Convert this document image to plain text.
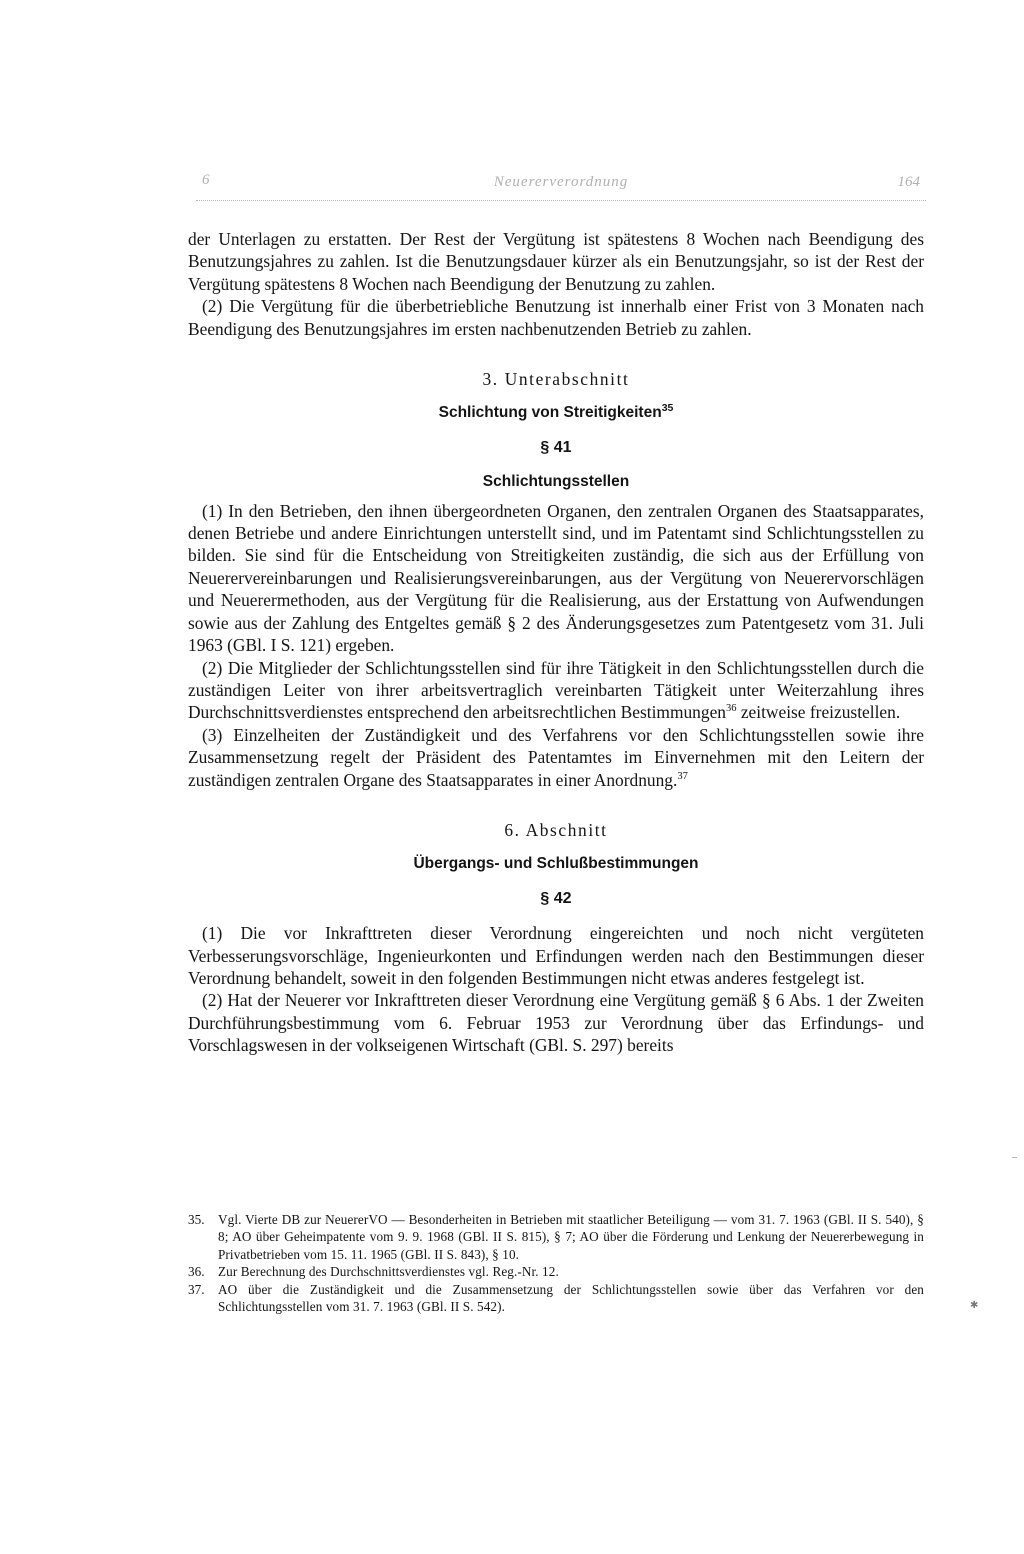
6	Neuererverordnung	164

der Unterlagen zu erstatten. Der Rest der Vergütung ist spätestens 8 Wochen nach Beendigung des Benutzungsjahres zu zahlen. Ist die Benutzungsdauer kürzer als ein Benutzungsjahr, so ist der Rest der Vergütung spätestens 8 Wochen nach Beendigung der Benutzung zu zahlen.

(2) Die Vergütung für die überbetriebliche Benutzung ist innerhalb einer Frist von 3 Monaten nach Beendigung des Benutzungsjahres im ersten nachbenutzenden Betrieb zu zahlen.

3. Unterabschnitt

Schlichtung von Streitigkeiten$^{35}$

§ 41

Schlichtungsstellen

(1) In den Betrieben, den ihnen übergeordneten Organen, den zentralen Organen des Staatsapparates, denen Betriebe und andere Einrichtungen unterstellt sind, und im Patentamt sind Schlichtungsstellen zu bilden. Sie sind für die Entscheidung von Streitigkeiten zuständig, die sich aus der Erfüllung von Neuerervereinbarungen und Realisierungsvereinbarungen, aus der Vergütung von Neuerervorschlägen und Neuerermethoden, aus der Vergütung für die Realisierung, aus der Erstattung von Aufwendungen sowie aus der Zahlung des Entgeltes gemäß § 2 des Änderungsgesetzes zum Patentgesetz vom 31. Juli 1963 (GBl. I S. 121) ergeben.

(2) Die Mitglieder der Schlichtungsstellen sind für ihre Tätigkeit in den Schlichtungsstellen durch die zuständigen Leiter von ihrer arbeitsvertraglich vereinbarten Tätigkeit unter Weiterzahlung ihres Durchschnittsverdienstes entsprechend den arbeitsrechtlichen Bestimmungen$^{36}$ zeitweise freizustellen.

(3) Einzelheiten der Zuständigkeit und des Verfahrens vor den Schlichtungsstellen sowie ihre Zusammensetzung regelt der Präsident des Patentamtes im Einvernehmen mit den Leitern der zuständigen zentralen Organe des Staatsapparates in einer Anordnung.$^{37}$

6. Abschnitt

Übergangs- und Schlußbestimmungen

§ 42

(1) Die vor Inkrafttreten dieser Verordnung eingereichten und noch nicht vergüteten Verbesserungsvorschläge, Ingenieurkonten und Erfindungen werden nach den Bestimmungen dieser Verordnung behandelt, soweit in den folgenden Bestimmungen nicht etwas anderes festgelegt ist.

(2) Hat der Neuerer vor Inkrafttreten dieser Verordnung eine Vergütung gemäß § 6 Abs. 1 der Zweiten Durchführungsbestimmung vom 6. Februar 1953 zur Verordnung über das Erfindungs- und Vorschlagswesen in der volkseigenen Wirtschaft (GBl. S. 297) bereits

35.	Vgl. Vierte DB zur NeuererVO — Besonderheiten in Betrieben mit staatlicher Beteiligung — vom 31. 7. 1963 (GBl. II S. 540), § 8; AO über Geheimpatente vom 9. 9. 1968 (GBl. II S. 815), § 7; AO über die Förderung und Lenkung der Neuererbewegung in Privatbetrieben vom 15. 11. 1965 (GBl. II S. 843), § 10.
36.	Zur Berechnung des Durchschnittsverdienstes vgl. Reg.-Nr. 12.
37.	AO über die Zuständigkeit und die Zusammensetzung der Schlichtungsstellen sowie über das Verfahren vor den Schlichtungsstellen vom 31. 7. 1963 (GBl. II S. 542).	✱
–
